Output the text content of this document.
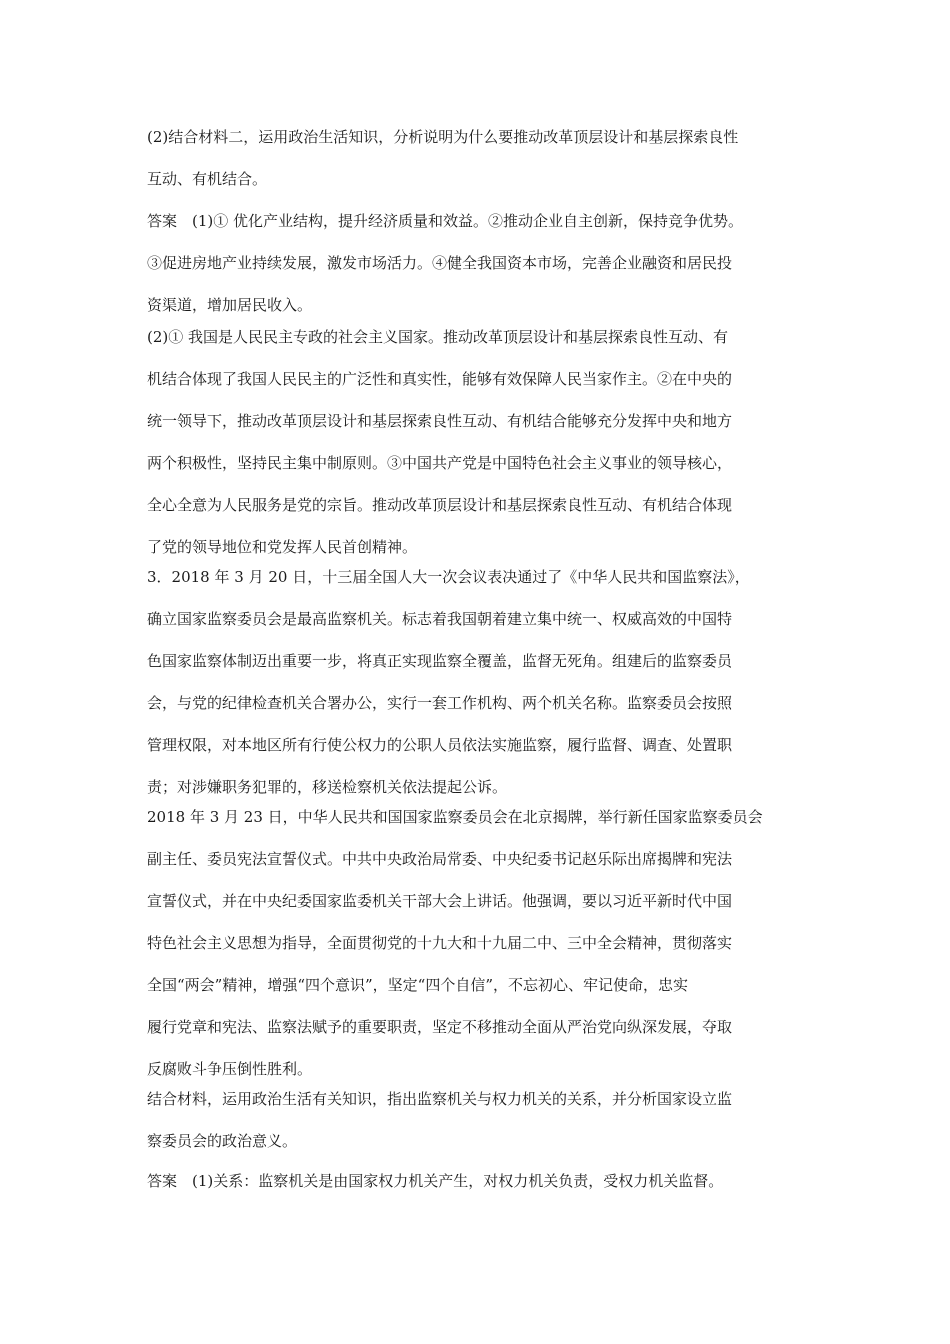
(2)结合材料二，运用政治生活知识，分析说明为什么要推动改革顶层设计和基层探索良性
互动、有机结合。
答案　(1)① 优化产业结构，提升经济质量和效益。②推动企业自主创新，保持竞争优势。
③促进房地产业持续发展，激发市场活力。④健全我国资本市场，完善企业融资和居民投
资渠道，增加居民收入。
(2)① 我国是人民民主专政的社会主义国家。推动改革顶层设计和基层探索良性互动、有
机结合体现了我国人民民主的广泛性和真实性，能够有效保障人民当家作主。②在中央的
统一领导下，推动改革顶层设计和基层探索良性互动、有机结合能够充分发挥中央和地方
两个积极性，坚持民主集中制原则。③中国共产党是中国特色社会主义事业的领导核心，
全心全意为人民服务是党的宗旨。推动改革顶层设计和基层探索良性互动、有机结合体现
了党的领导地位和党发挥人民首创精神。
3．2018 年 3 月 20 日，十三届全国人大一次会议表决通过了《中华人民共和国监察法》，
确立国家监察委员会是最高监察机关。标志着我国朝着建立集中统一、权威高效的中国特
色国家监察体制迈出重要一步，将真正实现监察全覆盖，监督无死角。组建后的监察委员
会，与党的纪律检查机关合署办公，实行一套工作机构、两个机关名称。监察委员会按照
管理权限，对本地区所有行使公权力的公职人员依法实施监察，履行监督、调查、处置职
责；对涉嫌职务犯罪的，移送检察机关依法提起公诉。
2018 年 3 月 23 日，中华人民共和国国家监察委员会在北京揭牌，举行新任国家监察委员会
副主任、委员宪法宣誓仪式。中共中央政治局常委、中央纪委书记赵乐际出席揭牌和宪法
宣誓仪式，并在中央纪委国家监委机关干部大会上讲话。他强调，要以习近平新时代中国
特色社会主义思想为指导，全面贯彻党的十九大和十九届二中、三中全会精神，贯彻落实
全国“两会”精神，增强“四个意识”，坚定“四个自信”，不忘初心、牢记使命，忠实
履行党章和宪法、监察法赋予的重要职责，坚定不移推动全面从严治党向纵深发展，夺取
反腐败斗争压倒性胜利。
结合材料，运用政治生活有关知识，指出监察机关与权力机关的关系，并分析国家设立监
察委员会的政治意义。
答案　(1)关系：监察机关是由国家权力机关产生，对权力机关负责，受权力机关监督。
